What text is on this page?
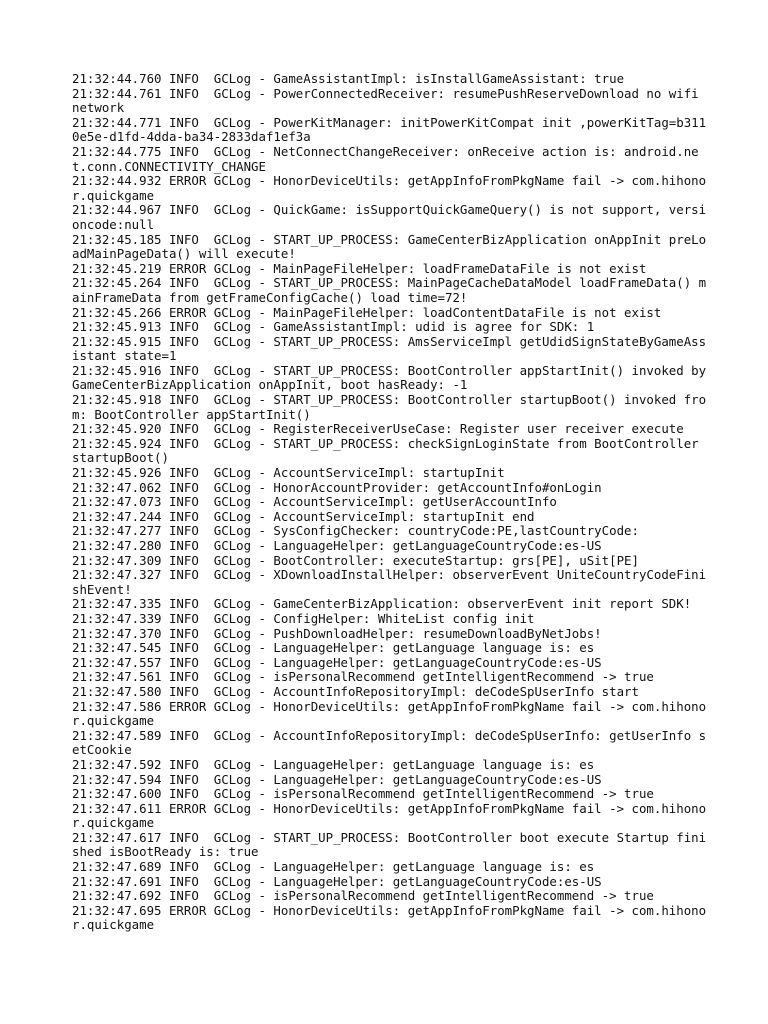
21:32:44.760 INFO  GCLog - GameAssistantImpl: isInstallGameAssistant: true

21:32:44.761 INFO  GCLog - PowerConnectedReceiver: resumePushReserveDownload no wifi network

21:32:44.771 INFO  GCLog - PowerKitManager: initPowerKitCompat init ,powerKitTag=b3110e5e-d1fd-4dda-ba34-2833daf1ef3a

21:32:44.775 INFO  GCLog - NetConnectChangeReceiver: onReceive action is: android.net.conn.CONNECTIVITY_CHANGE

21:32:44.932 ERROR GCLog - HonorDeviceUtils: getAppInfoFromPkgName fail -> com.hihonor.quickgame

21:32:44.967 INFO  GCLog - QuickGame: isSupportQuickGameQuery() is not support, versioncode:null

21:32:45.185 INFO  GCLog - START_UP_PROCESS: GameCenterBizApplication onAppInit preLoadMainPageData() will execute!

21:32:45.219 ERROR GCLog - MainPageFileHelper: loadFrameDataFile is not exist

21:32:45.264 INFO  GCLog - START_UP_PROCESS: MainPageCacheDataModel loadFrameData() mainFrameData from getFrameConfigCache() load time=72!

21:32:45.266 ERROR GCLog - MainPageFileHelper: loadContentDataFile is not exist

21:32:45.913 INFO  GCLog - GameAssistantImpl: udid is agree for SDK: 1

21:32:45.915 INFO  GCLog - START_UP_PROCESS: AmsServiceImpl getUdidSignStateByGameAssistant state=1

21:32:45.916 INFO  GCLog - START_UP_PROCESS: BootController appStartInit() invoked by GameCenterBizApplication onAppInit, boot hasReady: -1

21:32:45.918 INFO  GCLog - START_UP_PROCESS: BootController startupBoot() invoked from: BootController appStartInit()

21:32:45.920 INFO  GCLog - RegisterReceiverUseCase: Register user receiver execute

21:32:45.924 INFO  GCLog - START_UP_PROCESS: checkSignLoginState from BootController startupBoot()

21:32:45.926 INFO  GCLog - AccountServiceImpl: startupInit

21:32:47.062 INFO  GCLog - HonorAccountProvider: getAccountInfo#onLogin

21:32:47.073 INFO  GCLog - AccountServiceImpl: getUserAccountInfo

21:32:47.244 INFO  GCLog - AccountServiceImpl: startupInit end

21:32:47.277 INFO  GCLog - SysConfigChecker: countryCode:PE,lastCountryCode:

21:32:47.280 INFO  GCLog - LanguageHelper: getLanguageCountryCode:es-US

21:32:47.309 INFO  GCLog - BootController: executeStartup: grs[PE], uSit[PE]

21:32:47.327 INFO  GCLog - XDownloadInstallHelper: observerEvent UniteCountryCodeFinishEvent!

21:32:47.335 INFO  GCLog - GameCenterBizApplication: observerEvent init report SDK!

21:32:47.339 INFO  GCLog - ConfigHelper: WhiteList config init

21:32:47.370 INFO  GCLog - PushDownloadHelper: resumeDownloadByNetJobs!

21:32:47.545 INFO  GCLog - LanguageHelper: getLanguage language is: es

21:32:47.557 INFO  GCLog - LanguageHelper: getLanguageCountryCode:es-US

21:32:47.561 INFO  GCLog - isPersonalRecommend getIntelligentRecommend -> true

21:32:47.580 INFO  GCLog - AccountInfoRepositoryImpl: deCodeSpUserInfo start

21:32:47.586 ERROR GCLog - HonorDeviceUtils: getAppInfoFromPkgName fail -> com.hihonor.quickgame

21:32:47.589 INFO  GCLog - AccountInfoRepositoryImpl: deCodeSpUserInfo: getUserInfo setCookie

21:32:47.592 INFO  GCLog - LanguageHelper: getLanguage language is: es

21:32:47.594 INFO  GCLog - LanguageHelper: getLanguageCountryCode:es-US

21:32:47.600 INFO  GCLog - isPersonalRecommend getIntelligentRecommend -> true

21:32:47.611 ERROR GCLog - HonorDeviceUtils: getAppInfoFromPkgName fail -> com.hihonor.quickgame

21:32:47.617 INFO  GCLog - START_UP_PROCESS: BootController boot execute Startup finished isBootReady is: true

21:32:47.689 INFO  GCLog - LanguageHelper: getLanguage language is: es

21:32:47.691 INFO  GCLog - LanguageHelper: getLanguageCountryCode:es-US

21:32:47.692 INFO  GCLog - isPersonalRecommend getIntelligentRecommend -> true

21:32:47.695 ERROR GCLog - HonorDeviceUtils: getAppInfoFromPkgName fail -> com.hihonor.quickgame
